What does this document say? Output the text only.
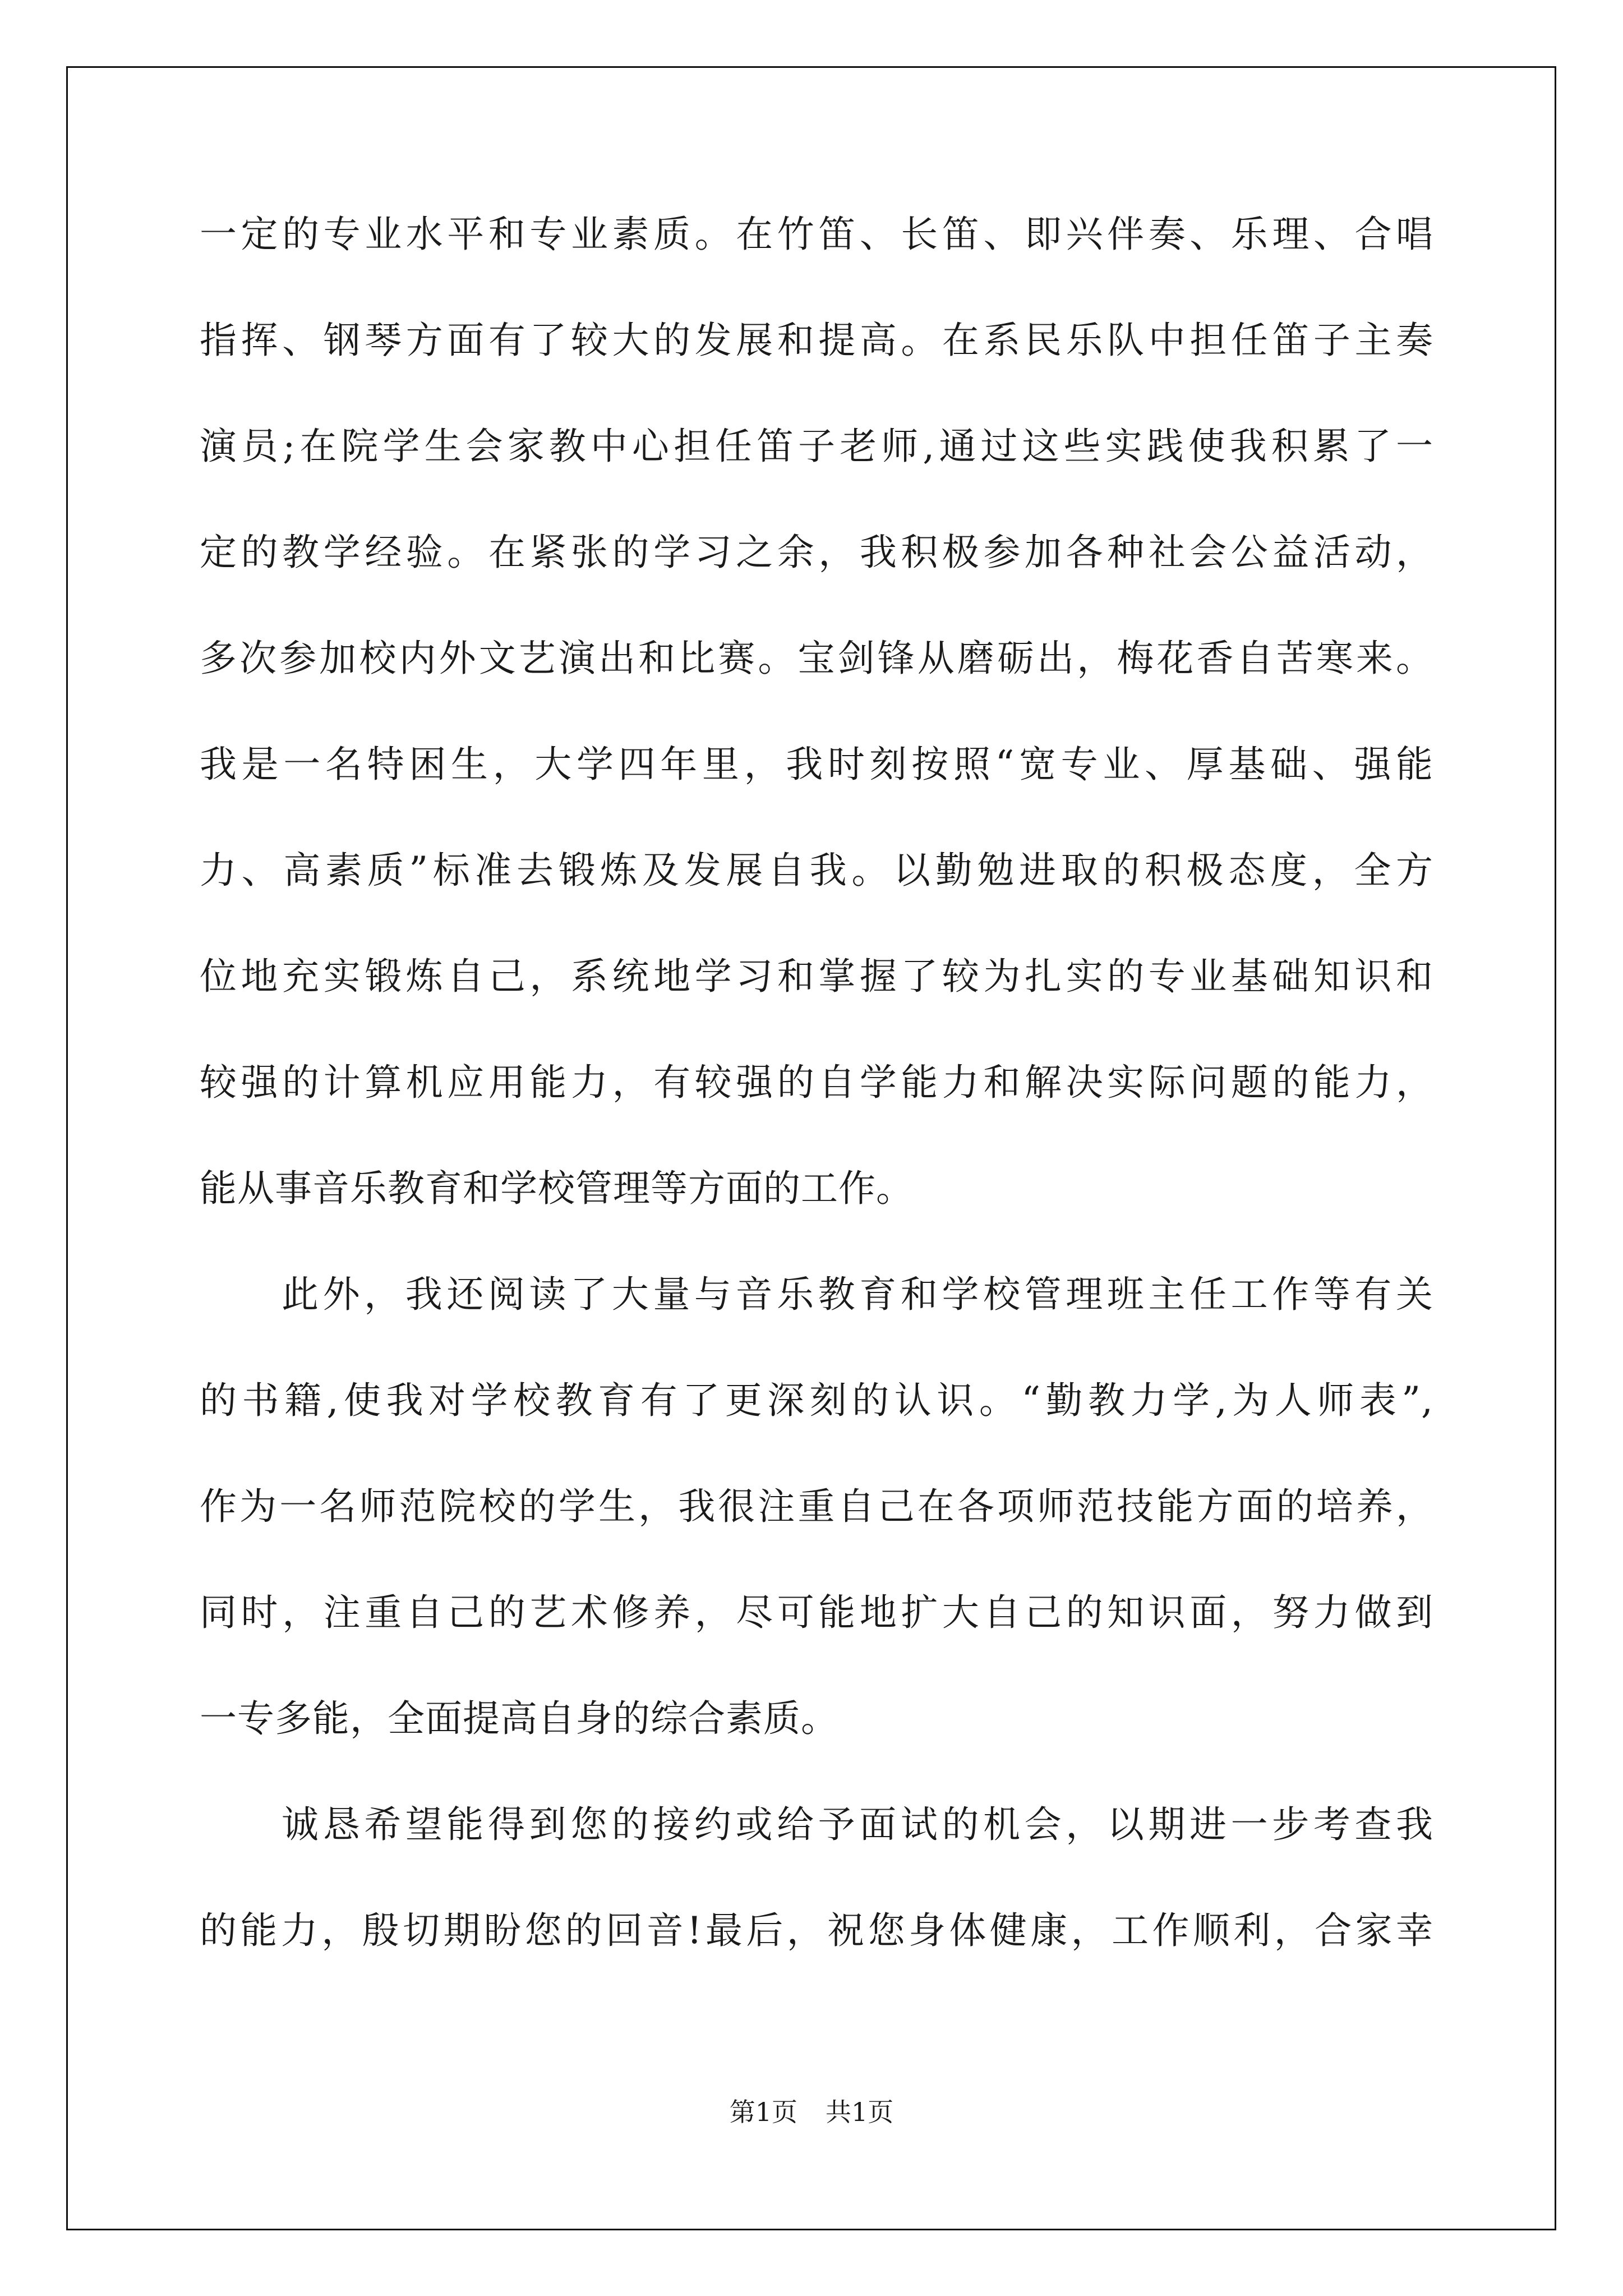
一定的专业水平和专业素质。在竹笛、长笛、即兴伴奏、乐理、合唱
指挥、钢琴方面有了较大的发展和提高。在系民乐队中担任笛子主奏
演员;在院学生会家教中心担任笛子老师,通过这些实践使我积累了一
定的教学经验。在紧张的学习之余，我积极参加各种社会公益活动，
多次参加校内外文艺演出和比赛。宝剑锋从磨砺出，梅花香自苦寒来。
我是一名特困生，大学四年里，我时刻按照“宽专业、厚基础、强能
力、高素质”标准去锻炼及发展自我。以勤勉进取的积极态度，全方
位地充实锻炼自己，系统地学习和掌握了较为扎实的专业基础知识和
较强的计算机应用能力，有较强的自学能力和解决实际问题的能力，
能从事音乐教育和学校管理等方面的工作。
此外，我还阅读了大量与音乐教育和学校管理班主任工作等有关
的书籍,使我对学校教育有了更深刻的认识。“勤教力学,为人师表”,
作为一名师范院校的学生，我很注重自己在各项师范技能方面的培养，
同时，注重自己的艺术修养，尽可能地扩大自己的知识面，努力做到
一专多能，全面提高自身的综合素质。
诚恳希望能得到您的接约或给予面试的机会，以期进一步考查我
的能力，殷切期盼您的回音!最后，祝您身体健康，工作顺利，合家幸
第1页 共1页
